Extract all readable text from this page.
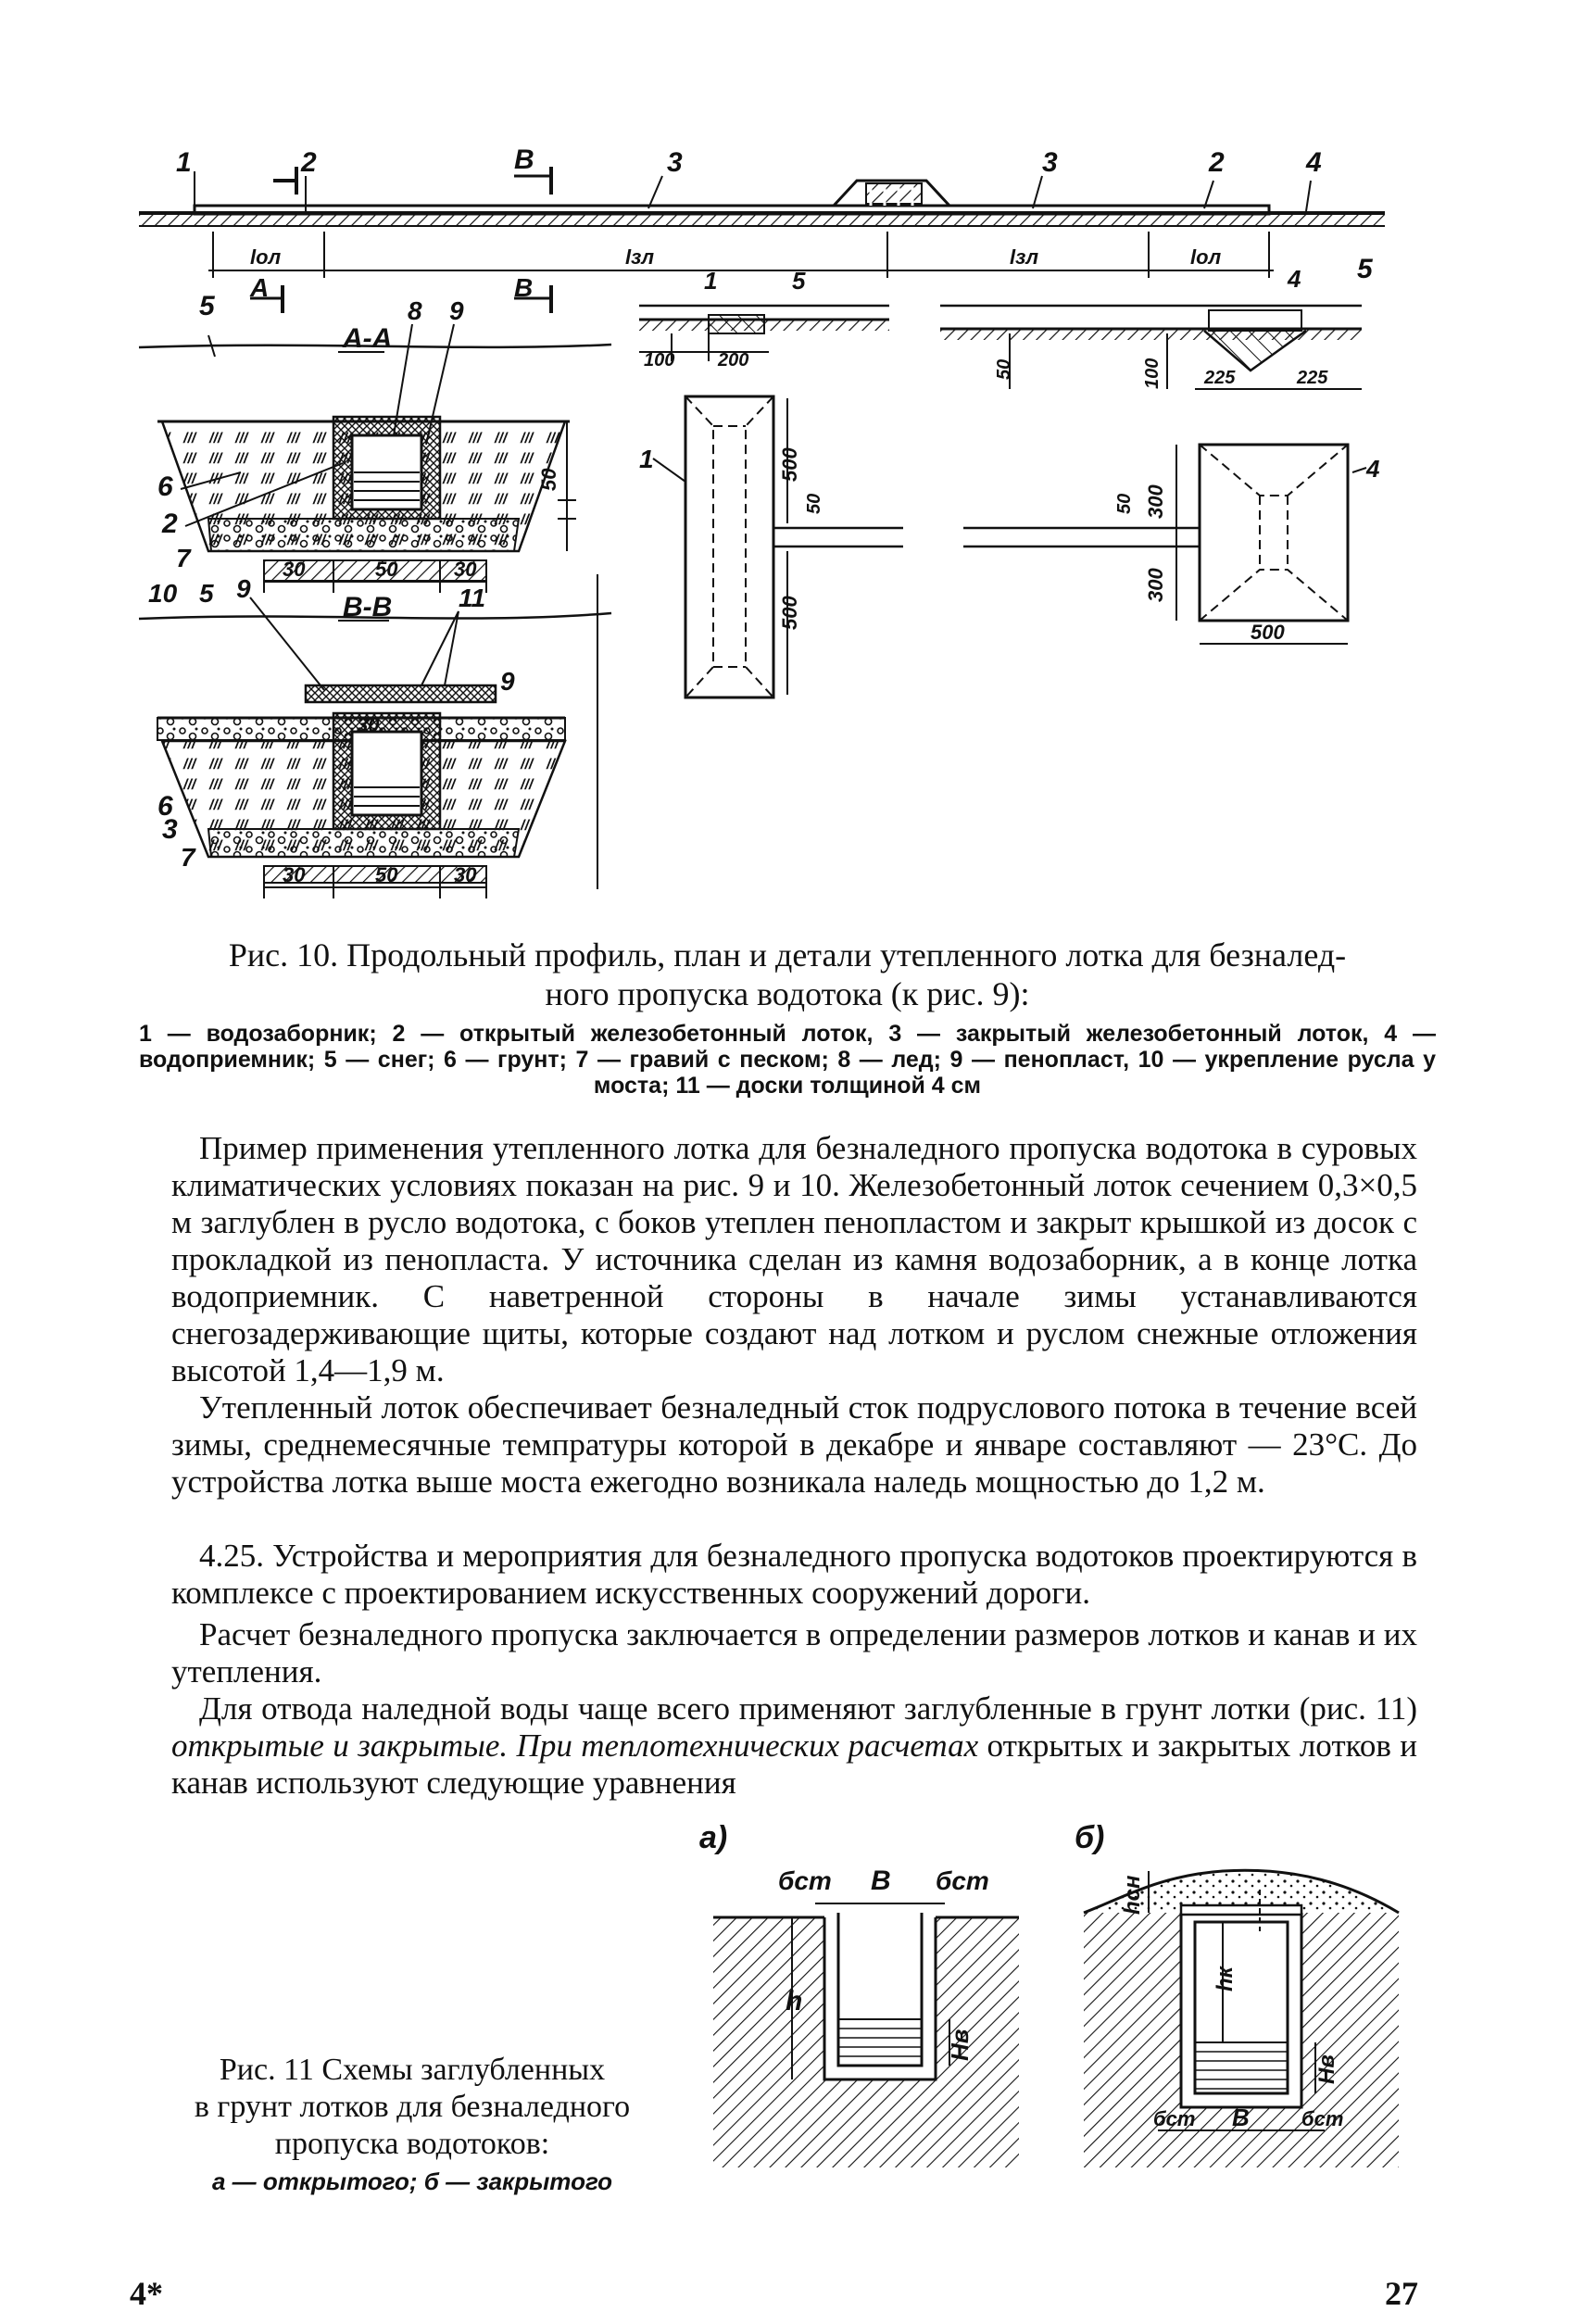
lол	lзл	lзл	lол
1	2	В	3	3	2	4
А	В
5
4 5
А-А
8 9
6
2
7
10 5 9
30	50	30
50
В-В	11
30
9
6
3
7
30	50	30
1	5
100 200	50	100 225	225
1	500
500
50
4
300
300
50
500
Рис. 10. Продольный профиль, план и детали утепленного лотка для безналед-
ного пропуска водотока (к рис. 9):
1 — водозаборник; 2 — открытый железобетонный лоток, 3 — закрытый железобетонный лоток, 4 — водоприемник; 5 — снег; 6 — грунт; 7 — гравий с песком; 8 — лед; 9 — пенопласт, 10 — укрепление русла у моста; 11 — доски толщиной 4 см

Пример применения утепленного лотка для безналедного пропуска водотока в суровых климатических условиях показан на рис. 9 и 10. Железобетонный лоток сечением 0,3×0,5 м заглублен в русло водотока, с боков утеплен пенопластом и закрыт крышкой из досок с прокладкой из пенопласта. У источника сделан из камня водозаборник, а в конце лотка водоприемник. С наветренной стороны в начале зимы устанавливаются снегозадерживающие щиты, которые создают над лотком и руслом снежные отложения высотой 1,4—1,9 м.

Утепленный лоток обеспечивает безналедный сток подруслового потока в течение всей зимы, среднемесячные темпратуры которой в декабре и январе составляют — 23°С. До устройства лотка выше моста ежегодно возникала наледь мощностью до 1,2 м.

4.25. Устройства и мероприятия для безналедного пропуска водотоков проектируются в комплексе с проектированием искусственных сооружений дороги.

Расчет безналедного пропуска заключается в определении размеров лотков и канав и их утепления.

Для отвода наледной воды чаще всего применяют заглубленные в грунт лотки (рис. 11) открытые и закрытые. При теплотехнических расчетах открытых и закрытых лотков и канав используют следующие уравнения

а)
бст В бст
h
Hв
б)
hсн
hк
Hв
бст В	бст
Рис. 11 Схемы заглубленных
в грунт лотков для безналедного
пропуска водотоков:
а — открытого; б — закрытого
4*	27
